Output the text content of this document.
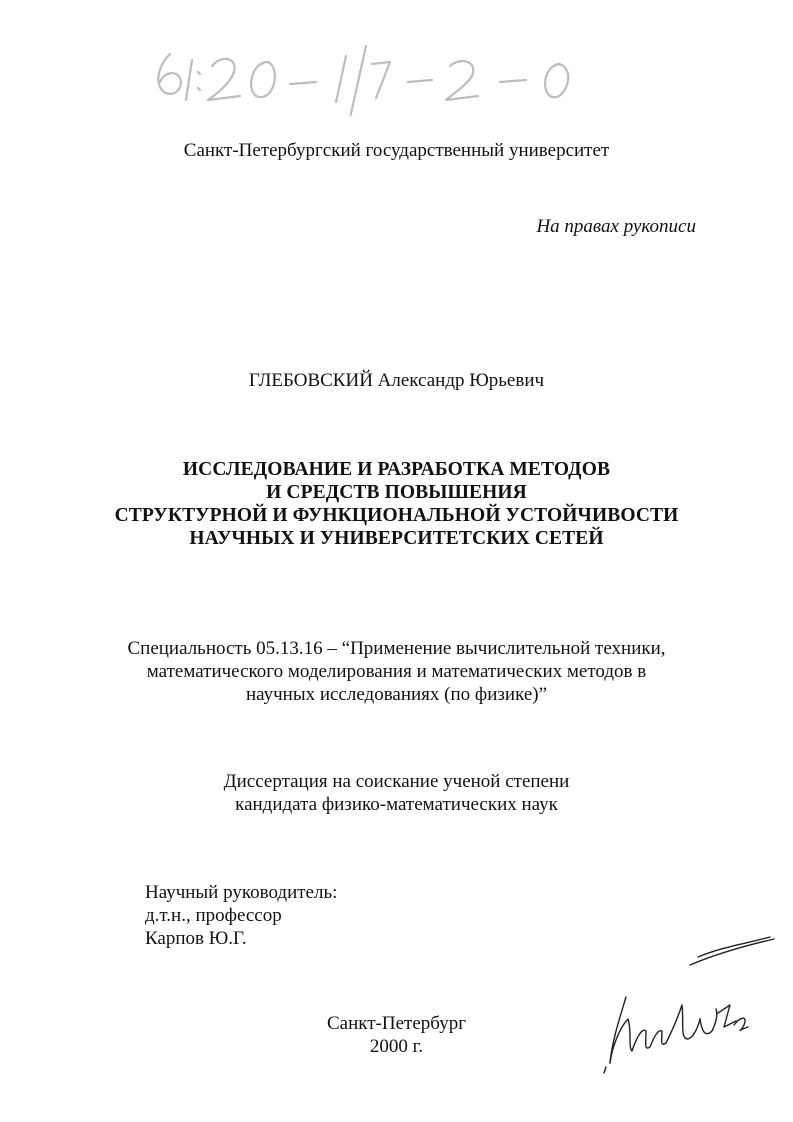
Санкт-Петербургский государственный университет
На правах рукописи
ГЛЕБОВСКИЙ Александр Юрьевич
ИССЛЕДОВАНИЕ И РАЗРАБОТКА МЕТОДОВ
И СРЕДСТВ ПОВЫШЕНИЯ
СТРУКТУРНОЙ И ФУНКЦИОНАЛЬНОЙ УСТОЙЧИВОСТИ
НАУЧНЫХ И УНИВЕРСИТЕТСКИХ СЕТЕЙ
Специальность 05.13.16 – “Применение вычислительной техники,
математического моделирования и математических методов в
научных исследованиях (по физике)”
Диссертация на соискание ученой степени
кандидата физико-математических наук
Научный руководитель:
д.т.н., профессор
Карпов Ю.Г.
Санкт-Петербург
2000 г.
